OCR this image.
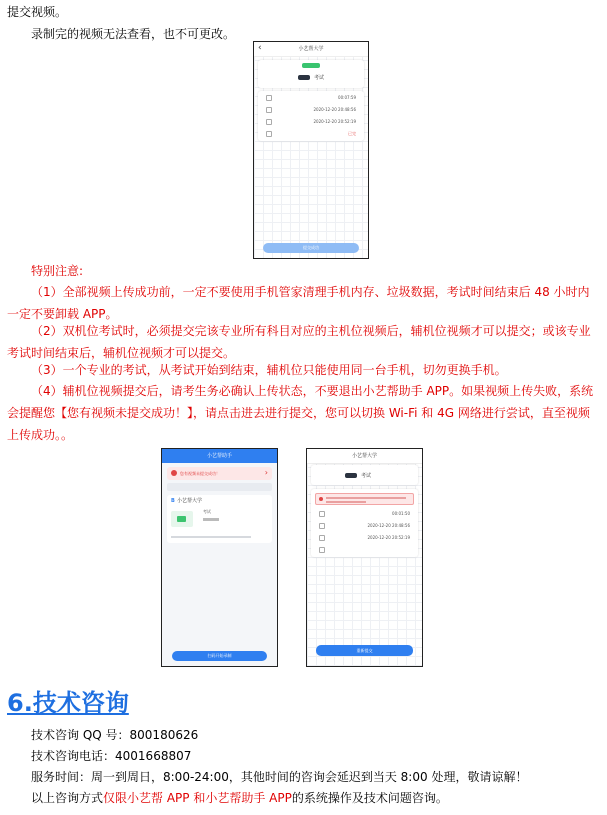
提交视频。
录制完的视频无法查看，也不可更改。
‹	小艺帮大学
考试
00:07:59
2020-12-20 20:48:56
2020-12-20 20:52:19
已完
提交成功
特别注意:
（1）全部视频上传成功前，一定不要使用手机管家清理手机内存、垃圾数据，考试时间结束后 48 小时内一定不要卸载 APP。
（2）双机位考试时，必须提交完该专业所有科目对应的主机位视频后，辅机位视频才可以提交；或该专业考试时间结束后，辅机位视频才可以提交。
（3）一个专业的考试，从考试开始到结束，辅机位只能使用同一台手机，切勿更换手机。
（4）辅机位视频提交后，请考生务必确认上传状态，不要退出小艺帮助手 APP。如果视频上传失败，系统会提醒您【您有视频未提交成功！】，请点击进去进行提交，您可以切换 Wi-Fi 和 4G 网络进行尝试，直至视频上传成功。。
小艺帮助手
您有视频未提交成功！	›
B 小艺帮大学
考试
扫码开始录制
小艺帮大学
考试
00:01:50
2020-12-20 20:48:56
2020-12-20 20:52:19
重新提交
6.技术咨询
技术咨询 QQ 号：800180626
技术咨询电话：4001668807
服务时间：周一到周日，8:00-24:00，其他时间的咨询会延迟到当天 8:00 处理，敬请谅解！
以上咨询方式仅限小艺帮 APP 和小艺帮助手 APP的系统操作及技术问题咨询。
